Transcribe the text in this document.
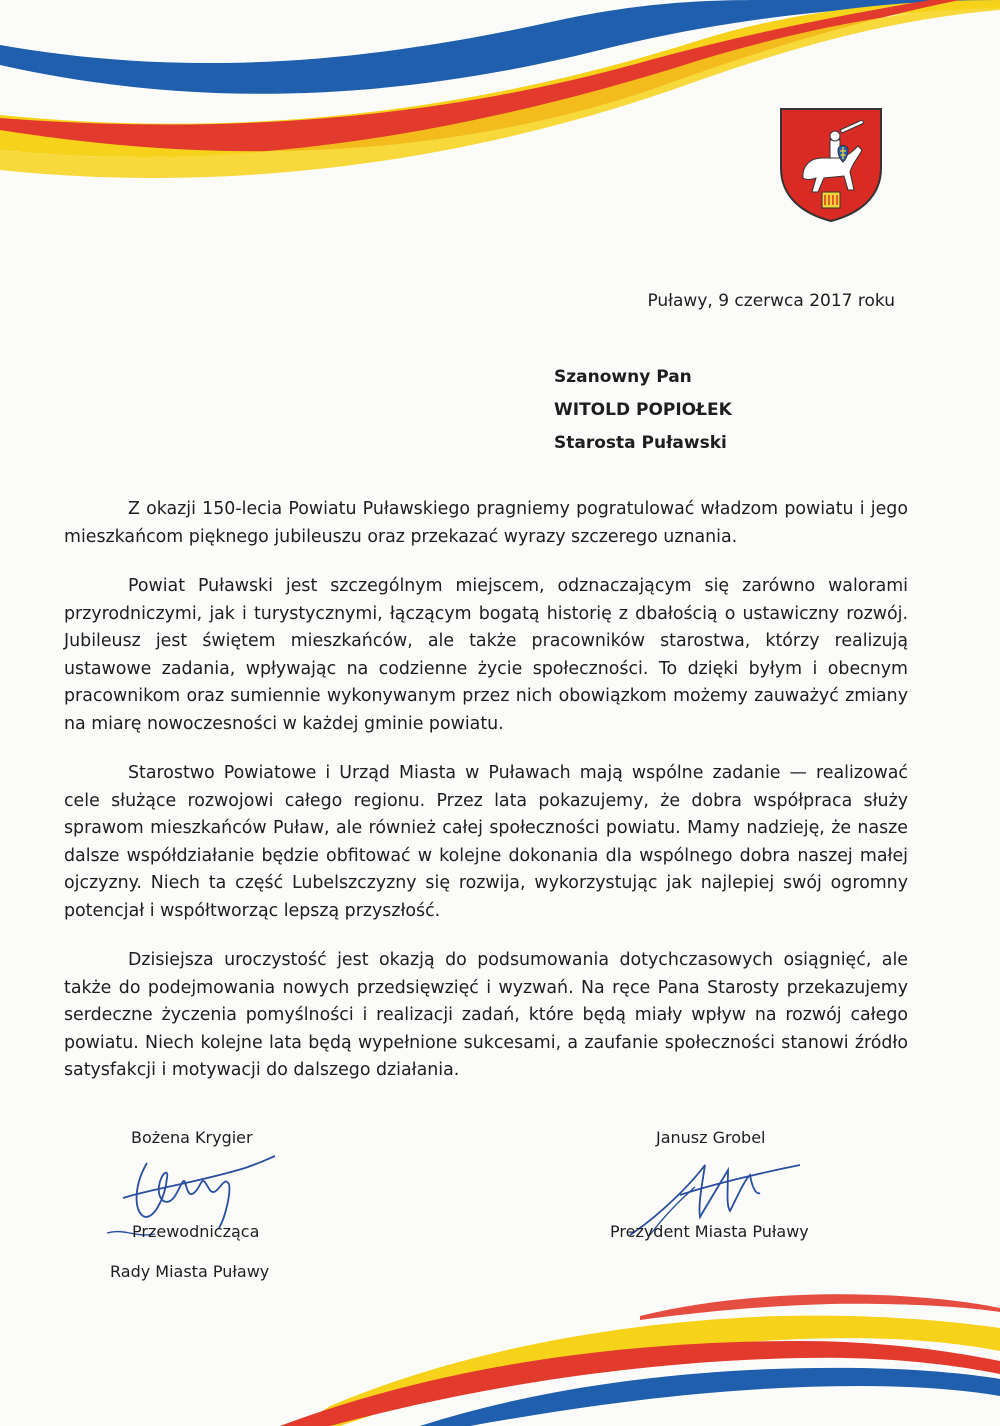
Puławy, 9 czerwca 2017 roku
Szanowny Pan
WITOLD POPIOŁEK
Starosta Puławski

Z okazji 150-lecia Powiatu Puławskiego pragniemy pogratulować władzom powiatu i jego mieszkańcom pięknego jubileuszu oraz przekazać wyrazy szczerego uznania.

Powiat Puławski jest szczególnym miejscem, odznaczającym się zarówno walorami przyrodniczymi, jak i turystycznymi, łączącym bogatą historię z dbałością o ustawiczny rozwój. Jubileusz jest świętem mieszkańców, ale także pracowników starostwa, którzy realizują ustawowe zadania, wpływając na codzienne życie społeczności. To dzięki byłym i obecnym pracownikom oraz sumiennie wykonywanym przez nich obowiązkom możemy zauważyć zmiany na miarę nowoczesności w każdej gminie powiatu.

Starostwo Powiatowe i Urząd Miasta w Puławach mają wspólne zadanie — realizować cele służące rozwojowi całego regionu. Przez lata pokazujemy, że dobra współpraca służy sprawom mieszkańców Puław, ale również całej społeczności powiatu. Mamy nadzieję, że nasze dalsze współdziałanie będzie obfitować w kolejne dokonania dla wspólnego dobra naszej małej ojczyzny. Niech ta część Lubelszczyzny się rozwija, wykorzystując jak najlepiej swój ogromny potencjał i współtworząc lepszą przyszłość.

Dzisiejsza uroczystość jest okazją do podsumowania dotychczasowych osiągnięć, ale także do podejmowania nowych przedsięwzięć i wyzwań. Na ręce Pana Starosty przekazujemy serdeczne życzenia pomyślności i realizacji zadań, które będą miały wpływ na rozwój całego powiatu. Niech kolejne lata będą wypełnione sukcesami, a zaufanie społeczności stanowi źródło satysfakcji i motywacji do dalszego działania.

Bożena Krygier
Przewodnicząca
Rady Miasta Puławy
Janusz Grobel
Prezydent Miasta Puławy
